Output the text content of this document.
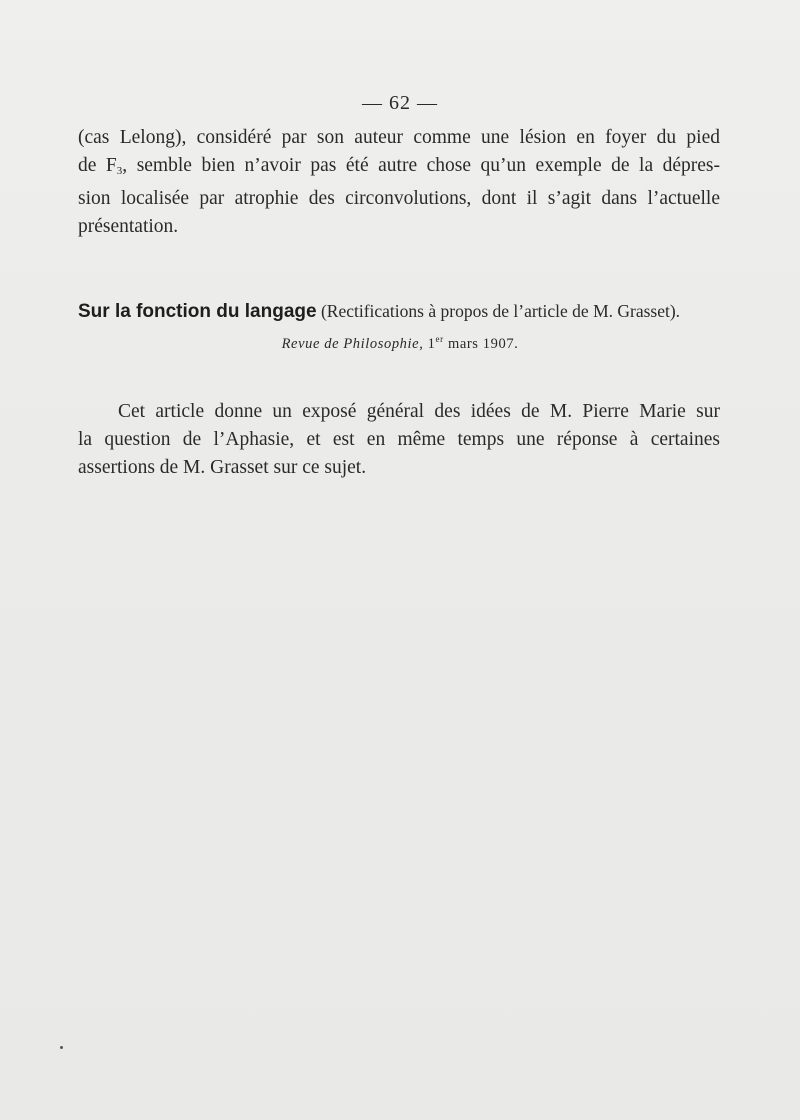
— 62 —
(cas Lelong), considéré par son auteur comme une lésion en foyer du pied
de $F_3$, semble bien n’avoir pas été autre chose qu’un exemple de la dépres-
sion localisée par atrophie des circonvolutions, dont il s’agit dans l’actuelle
présentation.
Sur la fonction du langage (Rectifications à propos de l’article de M. Grasset).
Revue de Philosophie, 1er mars 1907.
Cet article donne un exposé général des idées de M. Pierre Marie sur
la question de l’Aphasie, et est en même temps une réponse à certaines
assertions de M. Grasset sur ce sujet.
